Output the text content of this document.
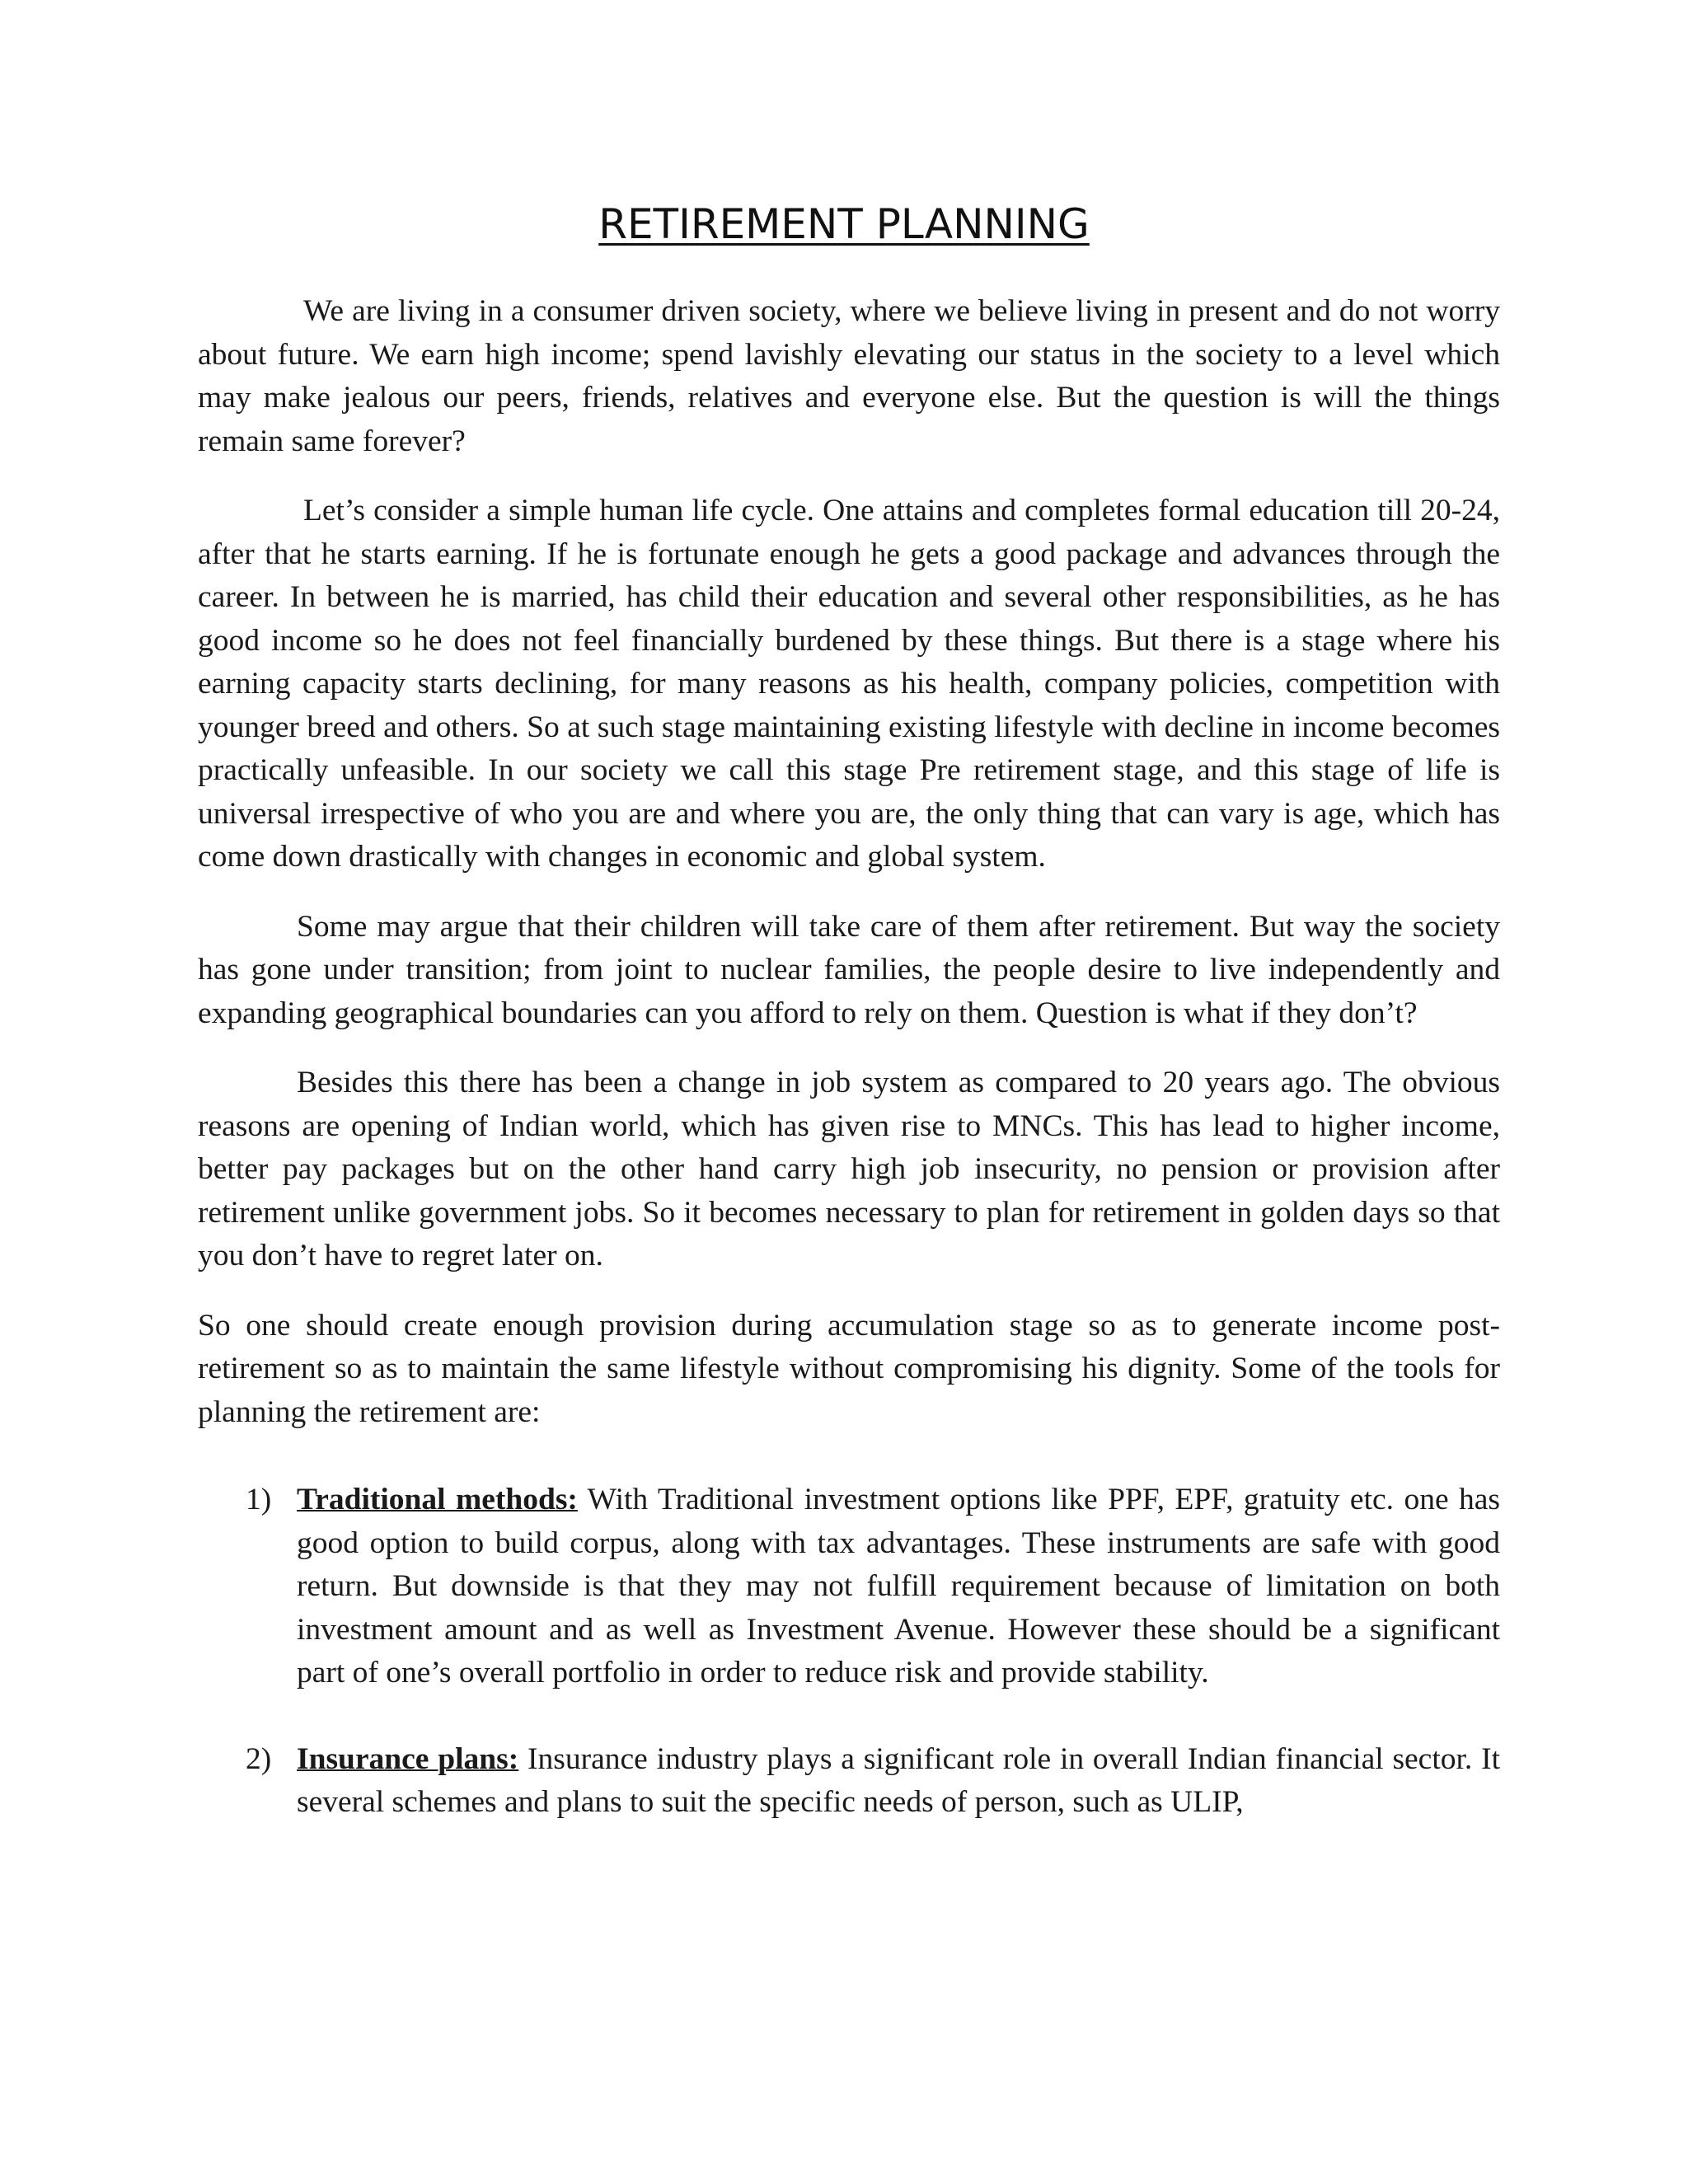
RETIREMENT PLANNING

We are living in a consumer driven society, where we believe living in present and do not worry about future. We earn high income; spend lavishly elevating our status in the society to a level which may make jealous our peers, friends, relatives and everyone else. But the question is will the things remain same forever?

Let’s consider a simple human life cycle. One attains and completes formal education till 20-24, after that he starts earning. If he is fortunate enough he gets a good package and advances through the career. In between he is married, has child their education and several other responsibilities, as he has good income so he does not feel financially burdened by these things. But there is a stage where his earning capacity starts declining, for many reasons as his health, company policies, competition with younger breed and others. So at such stage maintaining existing lifestyle with decline in income becomes practically unfeasible. In our society we call this stage Pre retirement stage, and this stage of life is universal irrespective of who you are and where you are, the only thing that can vary is age, which has come down drastically with changes in economic and global system.

Some may argue that their children will take care of them after retirement. But way the society has gone under transition; from joint to nuclear families, the people desire to live independently and expanding geographical boundaries can you afford to rely on them. Question is what if they don’t?

Besides this there has been a change in job system as compared to 20 years ago. The obvious reasons are opening of Indian world, which has given rise to MNCs. This has lead to higher income, better pay packages but on the other hand carry high job insecurity, no pension or provision after retirement unlike government jobs. So it becomes necessary to plan for retirement in golden days so that you don’t have to regret later on.

So one should create enough provision during accumulation stage so as to generate income post-retirement so as to maintain the same lifestyle without compromising his dignity. Some of the tools for planning the retirement are:

1) Traditional methods: With Traditional investment options like PPF, EPF, gratuity etc. one has good option to build corpus, along with tax advantages. These instruments are safe with good return. But downside is that they may not fulfill requirement because of limitation on both investment amount and as well as Investment Avenue. However these should be a significant part of one’s overall portfolio in order to reduce risk and provide stability.
2) Insurance plans: Insurance industry plays a significant role in overall Indian financial sector. It several schemes and plans to suit the specific needs of person, such as ULIP,
